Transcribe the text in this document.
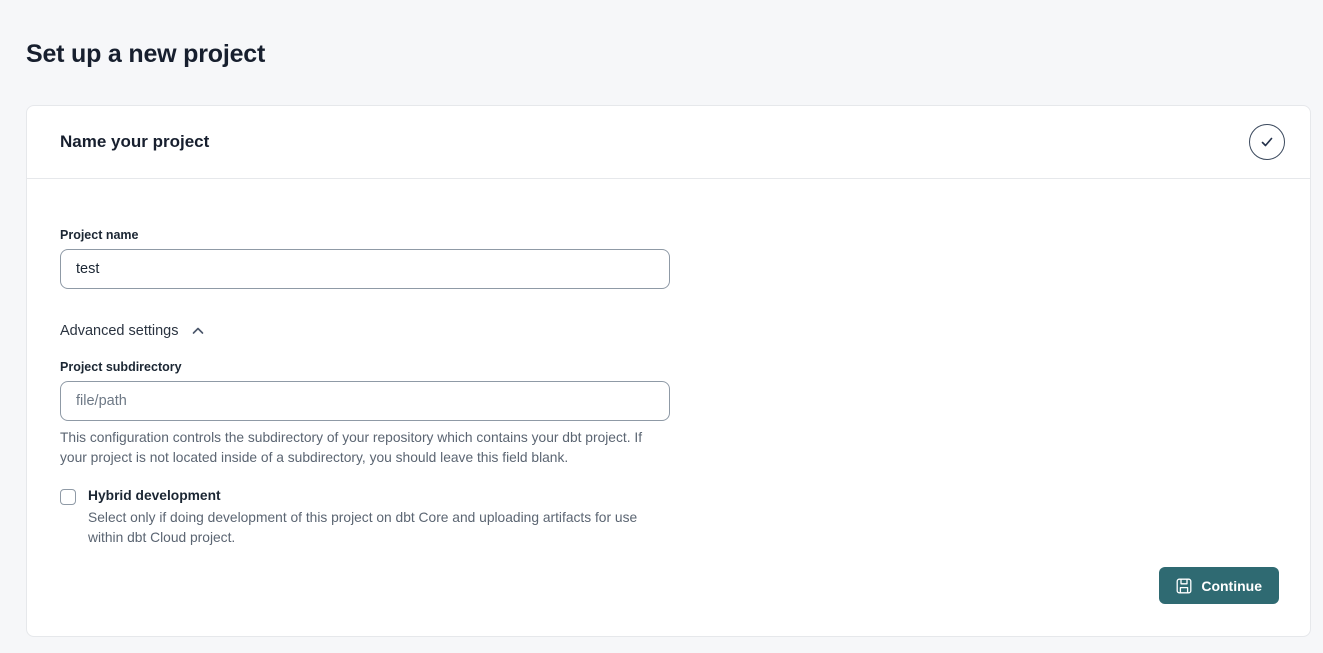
Set up a new project
Name your project
Project name
test
Advanced settings
Project subdirectory
file/path
This configuration controls the subdirectory of your repository which contains your dbt project. If your project is not located inside of a subdirectory, you should leave this field blank.
Hybrid development
Select only if doing development of this project on dbt Core and uploading artifacts for use within dbt Cloud project.
Continue
